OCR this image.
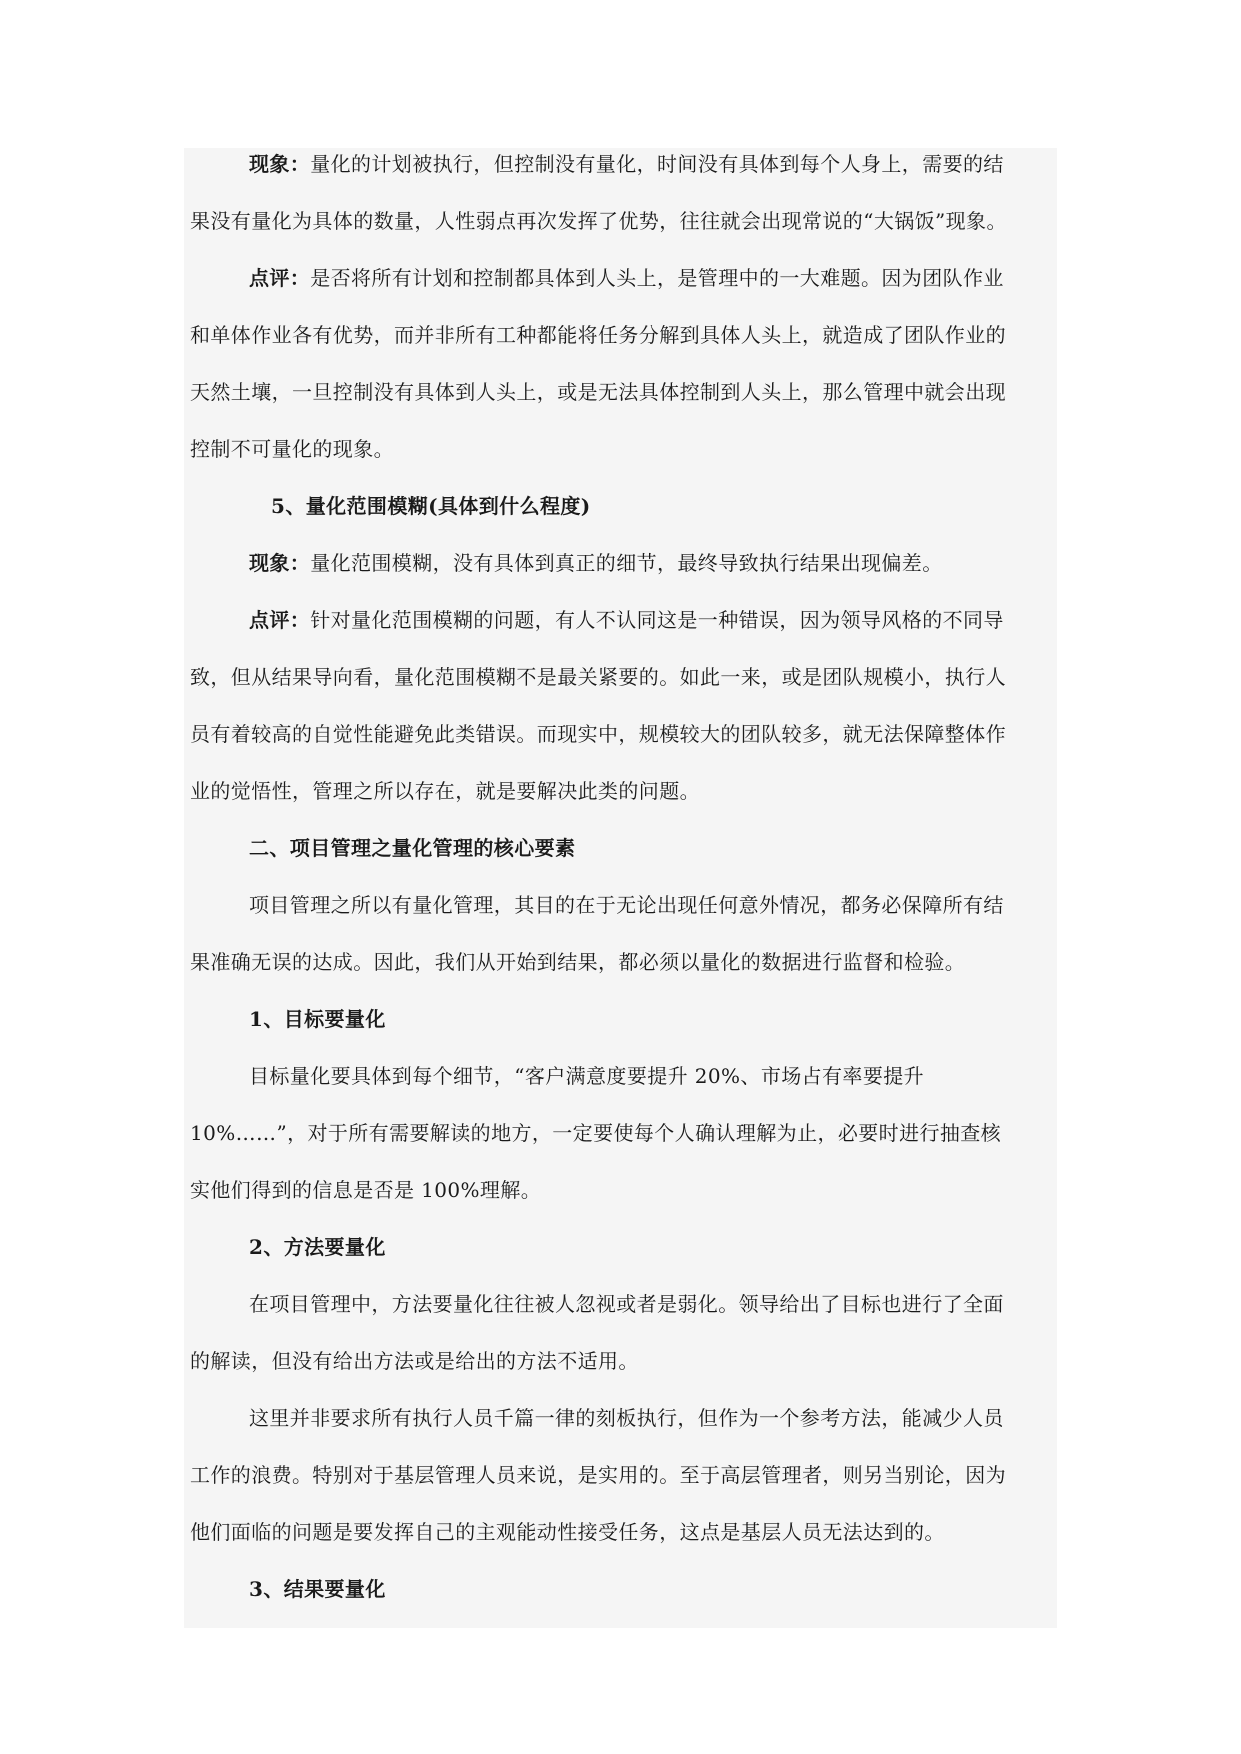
现象：量化的计划被执行，但控制没有量化，时间没有具体到每个人身上，需要的结
果没有量化为具体的数量，人性弱点再次发挥了优势，往往就会出现常说的“大锅饭”现象。
点评：是否将所有计划和控制都具体到人头上，是管理中的一大难题。因为团队作业
和单体作业各有优势，而并非所有工种都能将任务分解到具体人头上，就造成了团队作业的
天然土壤，一旦控制没有具体到人头上，或是无法具体控制到人头上，那么管理中就会出现
控制不可量化的现象。
5、量化范围模糊(具体到什么程度)
现象：量化范围模糊，没有具体到真正的细节，最终导致执行结果出现偏差。
点评：针对量化范围模糊的问题，有人不认同这是一种错误，因为领导风格的不同导
致，但从结果导向看，量化范围模糊不是最关紧要的。如此一来，或是团队规模小，执行人
员有着较高的自觉性能避免此类错误。而现实中，规模较大的团队较多，就无法保障整体作
业的觉悟性，管理之所以存在，就是要解决此类的问题。
二、项目管理之量化管理的核心要素
项目管理之所以有量化管理，其目的在于无论出现任何意外情况，都务必保障所有结
果准确无误的达成。因此，我们从开始到结果，都必须以量化的数据进行监督和检验。
1、目标要量化
目标量化要具体到每个细节，“客户满意度要提升 20%、市场占有率要提升
10%……”，对于所有需要解读的地方，一定要使每个人确认理解为止，必要时进行抽查核
实他们得到的信息是否是 100%理解。
2、方法要量化
在项目管理中，方法要量化往往被人忽视或者是弱化。领导给出了目标也进行了全面
的解读，但没有给出方法或是给出的方法不适用。
这里并非要求所有执行人员千篇一律的刻板执行，但作为一个参考方法，能减少人员
工作的浪费。特别对于基层管理人员来说，是实用的。至于高层管理者，则另当别论，因为
他们面临的问题是要发挥自己的主观能动性接受任务，这点是基层人员无法达到的。
3、结果要量化
